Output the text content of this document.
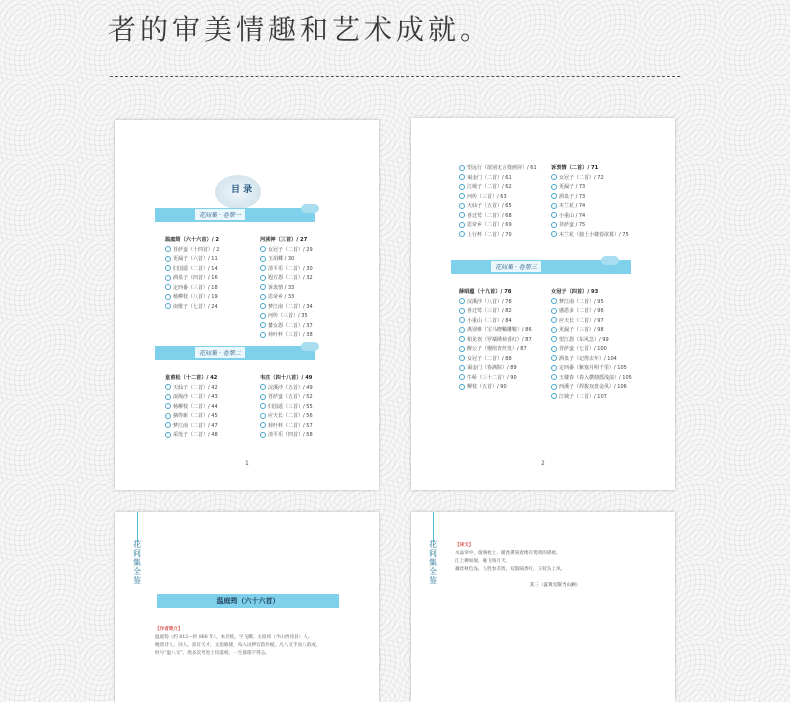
者的审美情趣和艺术成就。
目 录
花间集 · 卷第一
温庭筠（六十六首）/ 2
菩萨蛮（十四首）/ 2
更漏子（六首）/ 11
归国遥（二首）/ 14
酒泉子（四首）/ 16
定西番（三首）/ 18
杨柳枝（八首）/ 19
南歌子（七首）/ 24
河渎神（三首）/ 27
女冠子（二首）/ 29
玉胡蝶 / 30
清平乐（二首）/ 30
遐方怨（二首）/ 32
诉衷情 / 33
思帝乡 / 33
梦江南（二首）/ 34
河传（三首）/ 35
蕃女怨（二首）/ 37
荷叶杯（三首）/ 38
花间集 · 卷第二
皇甫松（十二首）/ 42
天仙子（二首）/ 42
浪淘沙（二首）/ 43
杨柳枝（二首）/ 44
摘得新（二首）/ 45
梦江南（二首）/ 47
采莲子（二首）/ 48
韦庄（四十八首）/ 49
浣溪沙（五首）/ 49
菩萨蛮（五首）/ 52
归国遥（三首）/ 55
应天长（二首）/ 56
荷叶杯（二首）/ 57
清平乐（四首）/ 58
1
望远行（欲别无言倚画屏）/ 61
谒金门（二首）/ 61
江城子（二首）/ 62
河传（三首）/ 63
天仙子（五首）/ 65
喜迁莺（二首）/ 68
思帝乡（二首）/ 69
上行杯（二首）/ 70
诉衷情（二首）/ 71
女冠子（二首）/ 72
更漏子 / 73
酒泉子 / 73
木兰花 / 74
小重山 / 74
菩萨蛮 / 75
木兰花（独上小楼春欲暮）/ 75
花间集 · 卷第三
薛昭蕴（十九首）/ 78
浣溪沙（八首）/ 78
喜迁莺（三首）/ 82
小重山（二首）/ 84
离别难（宝马晓鞴雕鞍）/ 86
相见欢（罗襦绣袂香红）/ 87
醉公子（慢绾青丝发）/ 87
女冠子（二首）/ 88
谒金门（春满院）/ 89
牛峤（三十二首）/ 90
柳枝（五首）/ 90
女冠子（四首）/ 93
梦江南（二首）/ 95
感恩多（二首）/ 96
应天长（二首）/ 97
更漏子（三首）/ 98
望江怨（东风急）/ 99
菩萨蛮（七首）/ 100
酒泉子（记得去年）/ 104
定西番（紫塞月明千里）/ 105
玉楼春（春入横塘摇浅浪）/ 105
西溪子（捍拨双盘金凤）/ 106
江城子（二首）/ 107
2
花间集全鉴
温庭筠（六十六首）
【作者简介】
温庭筠（约 812—约 866 年），本名岐，字飞卿，太原祁（今山西祁县）人。
晚唐诗人、词人。富有天才，文思敏捷，每入试押官韵作赋，凡八叉手而八韵成，
时号“温八叉”。然多次考进士均落榜，一生郁郁不得志。
花间集全鉴
【译文】
水晶帘中，玻璃枕上，暖香熏染着绣有鸳鸯的锦被。
江上柳如烟，雁飞残月天。
藕丝秋色浅，人胜参差剪。双鬓隔香红，玉钗头上风。
其三（蕊黄无限当山额）
